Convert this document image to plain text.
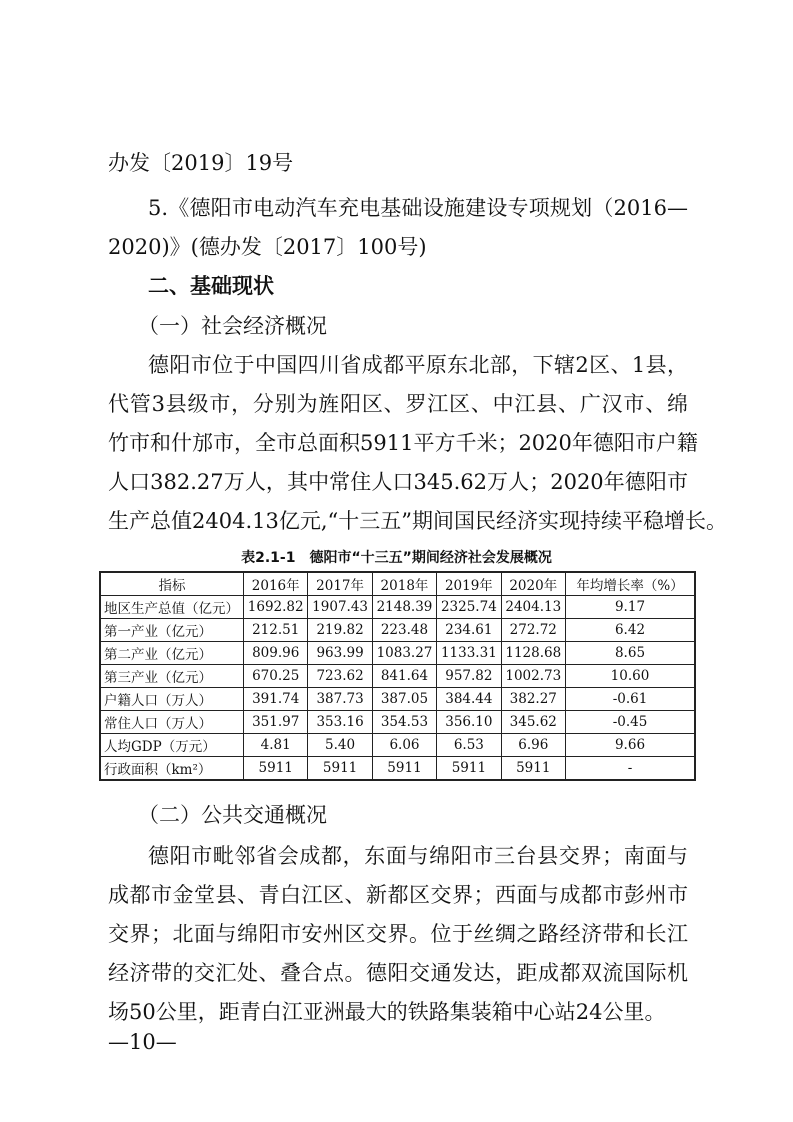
办发〔2019〕19号
5.《德阳市电动汽车充电基础设施建设专项规划（2016—
2020)》(德办发〔2017〕100号)
二、基础现状
（一）社会经济概况
德阳市位于中国四川省成都平原东北部，下辖2区、1县，
代管3县级市，分别为旌阳区、罗江区、中江县、广汉市、绵
竹市和什邡市，全市总面积5911平方千米；2020年德阳市户籍
人口382.27万人，其中常住人口345.62万人；2020年德阳市
生产总值2404.13亿元,“十三五”期间国民经济实现持续平稳增长。
表2.1-1　德阳市“十三五”期间经济社会发展概况
指标	2016年	2017年	2018年	2019年	2020年	年均增长率（%）
地区生产总值（亿元）	1692.82	1907.43	2148.39	2325.74	2404.13	9.17
第一产业（亿元）	212.51	219.82	223.48	234.61	272.72	6.42
第二产业（亿元）	809.96	963.99	1083.27	1133.31	1128.68	8.65
第三产业（亿元）	670.25	723.62	841.64	957.82	1002.73	10.60
户籍人口（万人）	391.74	387.73	387.05	384.44	382.27	-0.61
常住人口（万人）	351.97	353.16	354.53	356.10	345.62	-0.45
人均GDP（万元）	4.81	5.40	6.06	6.53	6.96	9.66
行政面积（km²）	5911	5911	5911	5911	5911	-
（二）公共交通概况
德阳市毗邻省会成都，东面与绵阳市三台县交界；南面与
成都市金堂县、青白江区、新都区交界；西面与成都市彭州市
交界；北面与绵阳市安州区交界。位于丝绸之路经济带和长江
经济带的交汇处、叠合点。德阳交通发达，距成都双流国际机
场50公里，距青白江亚洲最大的铁路集装箱中心站24公里。
—10—
